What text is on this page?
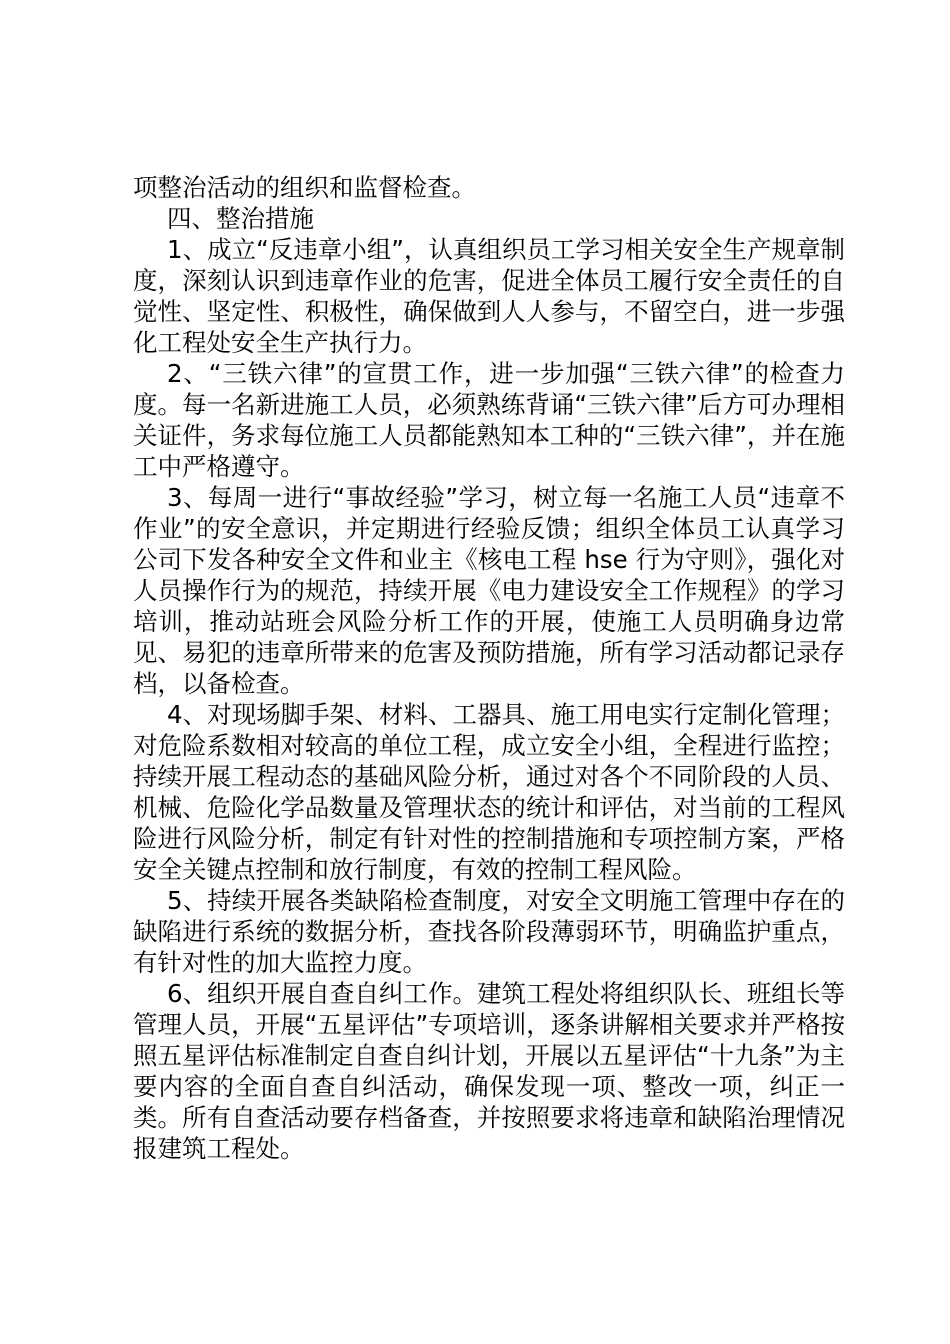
项整治活动的组织和监督检查。

四、整治措施

1、成立“反违章小组”，认真组织员工学习相关安全生产规章制度，深刻认识到违章作业的危害，促进全体员工履行安全责任的自觉性、坚定性、积极性，确保做到人人参与，不留空白，进一步强化工程处安全生产执行力。

2、“三铁六律”的宣贯工作，进一步加强“三铁六律”的检查力度。每一名新进施工人员，必须熟练背诵“三铁六律”后方可办理相关证件，务求每位施工人员都能熟知本工种的“三铁六律”，并在施工中严格遵守。

3、每周一进行“事故经验”学习，树立每一名施工人员“违章不作业”的安全意识，并定期进行经验反馈；组织全体员工认真学习公司下发各种安全文件和业主《核电工程 hse 行为守则》，强化对人员操作行为的规范，持续开展《电力建设安全工作规程》的学习培训，推动站班会风险分析工作的开展，使施工人员明确身边常见、易犯的违章所带来的危害及预防措施，所有学习活动都记录存档，以备检查。

4、对现场脚手架、材料、工器具、施工用电实行定制化管理；对危险系数相对较高的单位工程，成立安全小组，全程进行监控；持续开展工程动态的基础风险分析，通过对各个不同阶段的人员、机械、危险化学品数量及管理状态的统计和评估，对当前的工程风险进行风险分析，制定有针对性的控制措施和专项控制方案，严格安全关键点控制和放行制度，有效的控制工程风险。

5、持续开展各类缺陷检查制度，对安全文明施工管理中存在的缺陷进行系统的数据分析，查找各阶段薄弱环节，明确监护重点，有针对性的加大监控力度。

6、组织开展自查自纠工作。建筑工程处将组织队长、班组长等管理人员，开展“五星评估”专项培训，逐条讲解相关要求并严格按照五星评估标准制定自查自纠计划，开展以五星评估“十九条”为主要内容的全面自查自纠活动，确保发现一项、整改一项，纠正一类。所有自查活动要存档备查，并按照要求将违章和缺陷治理情况报建筑工程处。
